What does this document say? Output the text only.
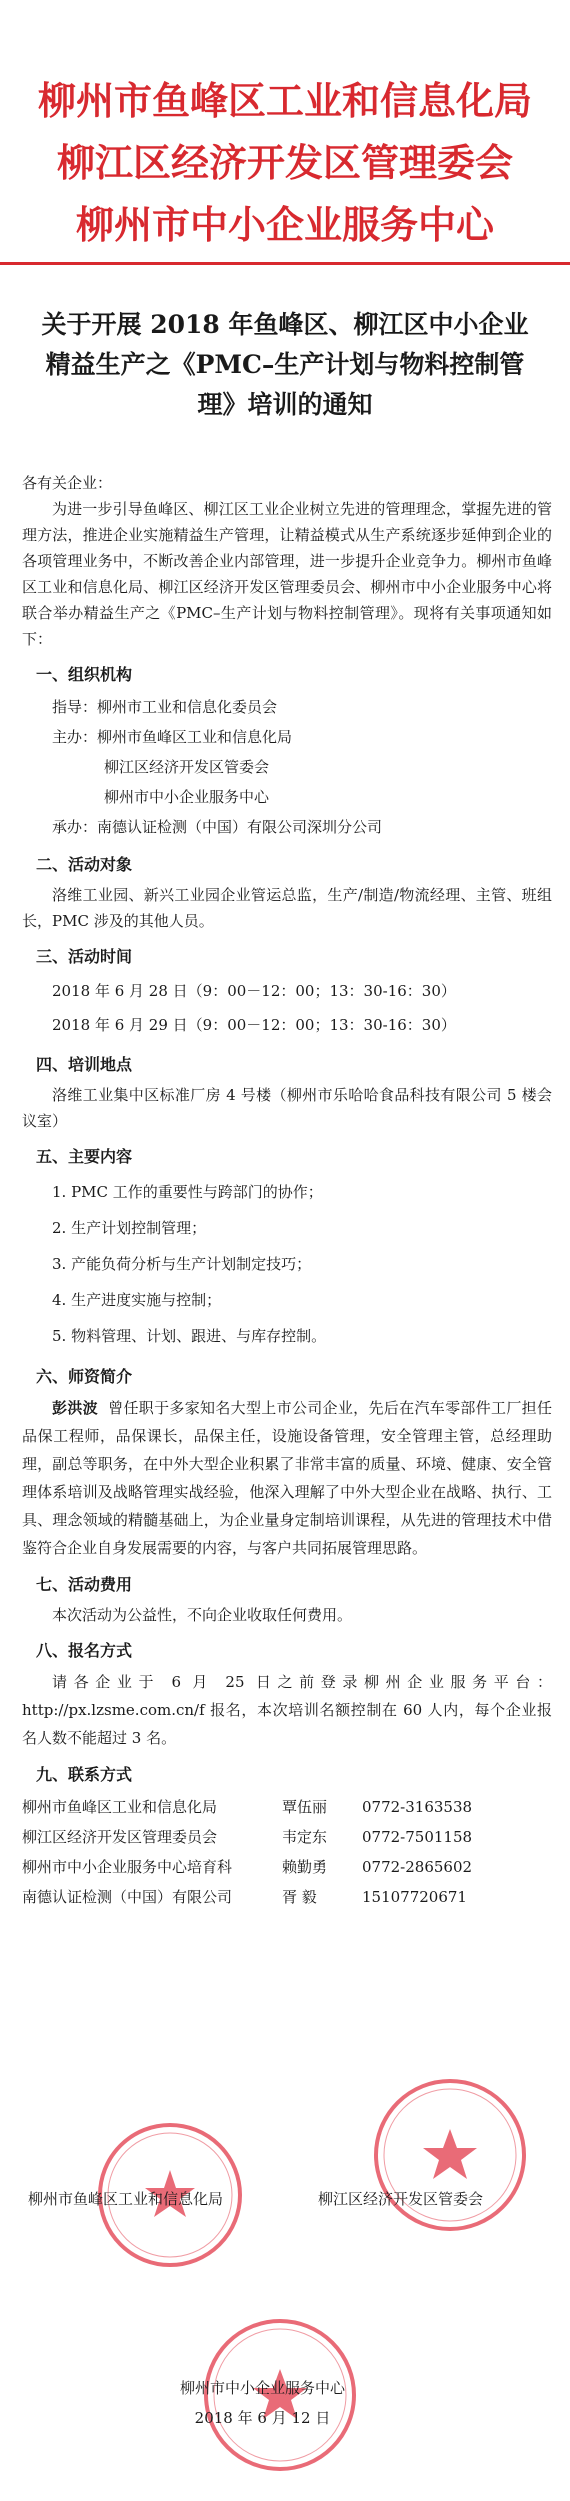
柳州市鱼峰区工业和信息化局
柳江区经济开发区管理委会
柳州市中小企业服务中心
关于开展 2018 年鱼峰区、柳江区中小企业
精益生产之《PMC–生产计划与物料控制管
理》培训的通知

各有关企业：

为进一步引导鱼峰区、柳江区工业企业树立先进的管理理念，掌握先进的管理方法，推进企业实施精益生产管理，让精益模式从生产系统逐步延伸到企业的各项管理业务中，不断改善企业内部管理，进一步提升企业竞争力。柳州市鱼峰区工业和信息化局、柳江区经济开发区管理委员会、柳州市中小企业服务中心将联合举办精益生产之《PMC–生产计划与物料控制管理》。现将有关事项通知如下：

一、组织机构
指导： 柳州市工业和信息化委员会
主办： 柳州市鱼峰区工业和信息化局
柳江区经济开发区管委会
柳州市中小企业服务中心
承办： 南德认证检测（中国）有限公司深圳分公司
二、活动对象

洛维工业园、新兴工业园企业管运总监，生产/制造/物流经理、主管、班组长，PMC 涉及的其他人员。

三、活动时间

2018 年 6 月 28 日（9：00－12：00；13：30-16：30）

2018 年 6 月 29 日（9：00－12：00；13：30-16：30）

四、培训地点

洛维工业集中区标准厂房 4 号楼（柳州市乐哈哈食品科技有限公司 5 楼会议室）

五、主要内容
1. PMC 工作的重要性与跨部门的协作；
2. 生产计划控制管理；
3. 产能负荷分析与生产计划制定技巧；
4. 生产进度实施与控制；
5. 物料管理、计划、跟进、与库存控制。
六、师资简介

彭洪波 曾任职于多家知名大型上市公司企业，先后在汽车零部件工厂担任品保工程师，品保课长，品保主任，设施设备管理，安全管理主管，总经理助理，副总等职务，在中外大型企业积累了非常丰富的质量、环境、健康、安全管理体系培训及战略管理实战经验，他深入理解了中外大型企业在战略、执行、工具、理念领域的精髓基础上，为企业量身定制培训课程，从先进的管理技术中借鉴符合企业自身发展需要的内容，与客户共同拓展管理思路。

七、活动费用

本次活动为公益性，不向企业收取任何费用。

八、报名方式

请各企业于 6 月 25 日之前登录柳州企业服务平台：http://px.lzsme.com.cn/f 报名，本次培训名额控制在 60 人内，每个企业报名人数不能超过 3 名。

九、联系方式
柳州市鱼峰区工业和信息化局	覃伍丽	0772-3163538
柳江区经济开发区管理委员会	韦定东	0772-7501158
柳州市中小企业服务中心培育科	赖勤勇	0772-2865602
南德认证检测（中国）有限公司	胥 毅	15107720671
柳州市鱼峰区工业和信息化局	柳江区经济开发区管委会
柳州市中小企业服务中心
2018 年 6 月 12 日
